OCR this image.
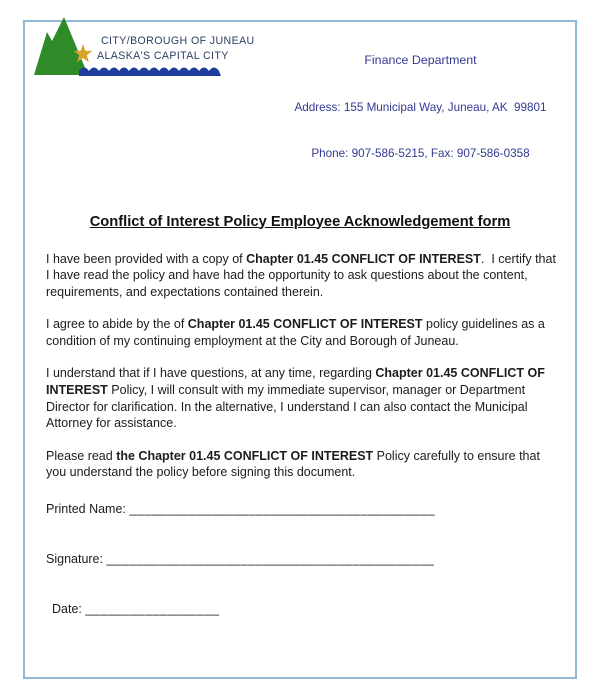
CITY/BOROUGH OF JUNEAU
ALASKA'S CAPITAL CITY

	Finance Department

Address: 155 Municipal Way, Juneau, AK  99801

Phone: 907-586-5215, Fax: 907-586-0358

Conflict of Interest Policy Employee Acknowledgement form

I have been provided with a copy of Chapter 01.45 CONFLICT OF INTEREST.  I certify that I have read the policy and have had the opportunity to ask questions about the content, requirements, and expectations contained therein.

I agree to abide by the of Chapter 01.45 CONFLICT OF INTEREST policy guidelines as a condition of my continuing employment at the City and Borough of Juneau.

I understand that if I have questions, at any time, regarding Chapter 01.45 CONFLICT OF INTEREST Policy, I will consult with my immediate supervisor, manager or Department Director for clarification. In the alternative, I understand I can also contact the Municipal Attorney for assistance.

Please read the Chapter 01.45 CONFLICT OF INTEREST Policy carefully to ensure that you understand the policy before signing this document.

Printed Name: _________________________________________
Signature: ____________________________________________
Date: __________________
